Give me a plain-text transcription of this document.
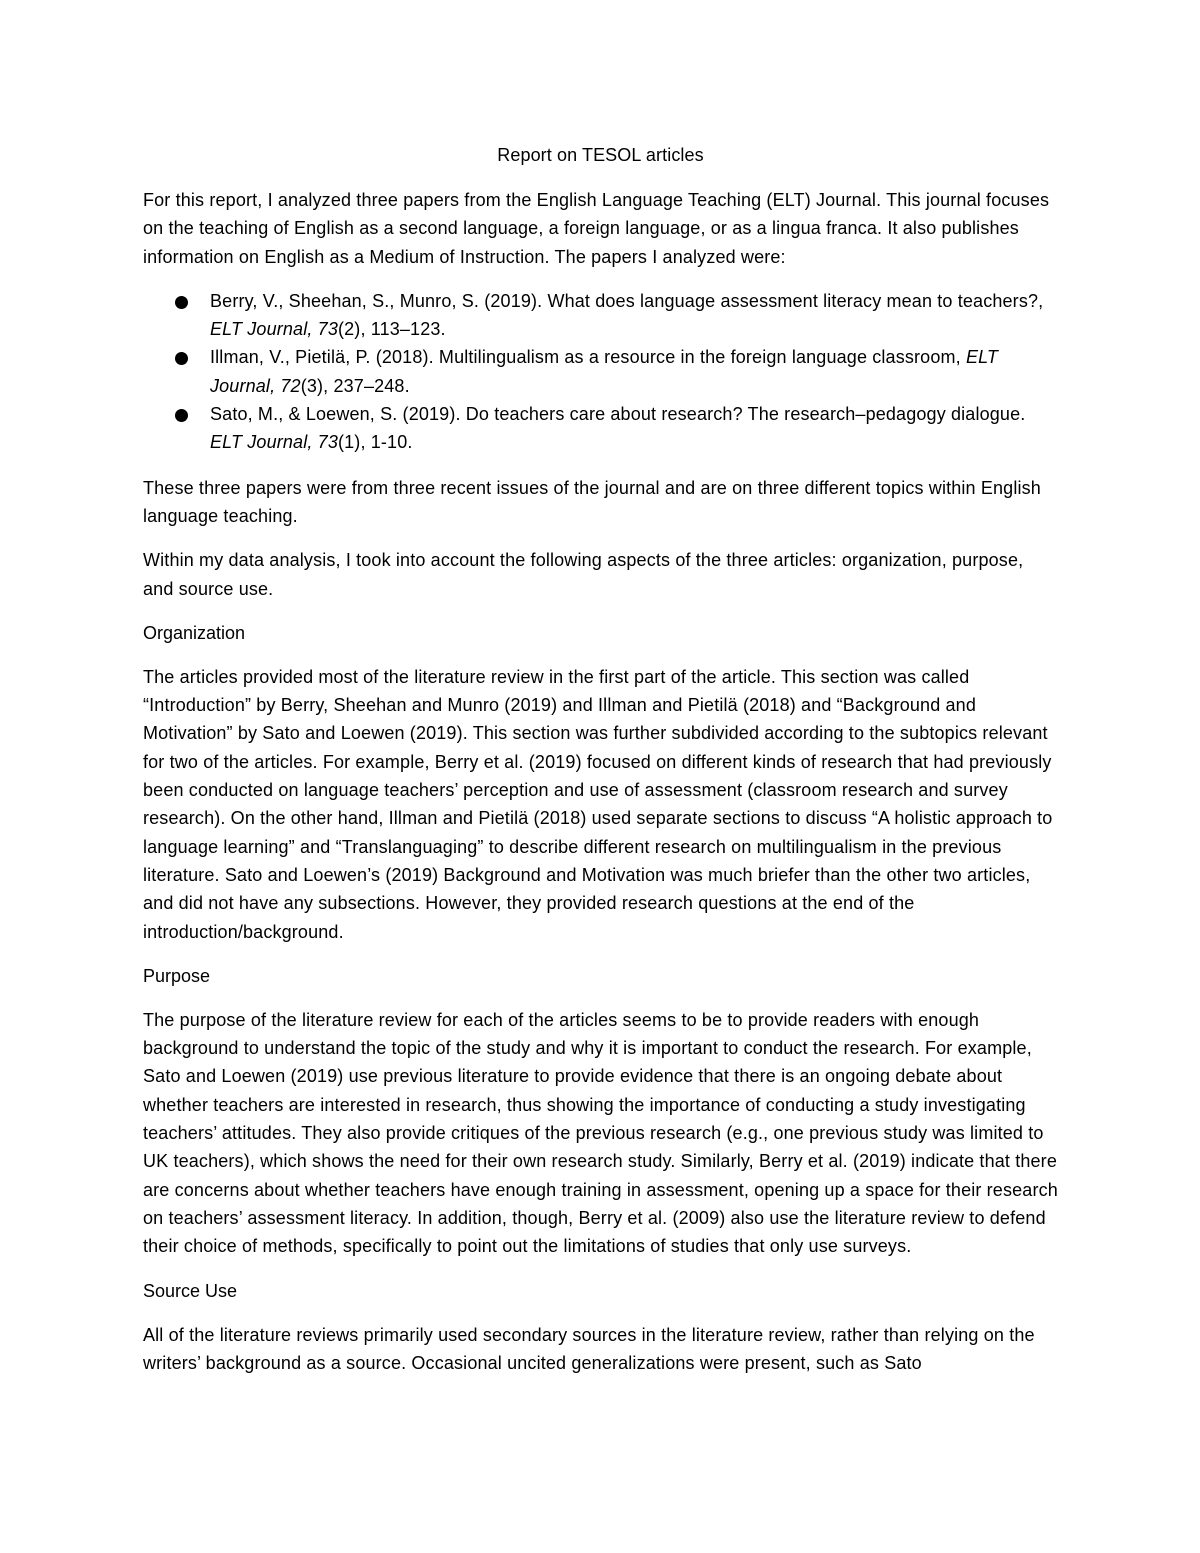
Report on TESOL articles

For this report, I analyzed three papers from the English Language Teaching (ELT) Journal. This journal focuses on the teaching of English as a second language, a foreign language, or as a lingua franca. It also publishes information on English as a Medium of Instruction. The papers I analyzed were:

Berry, V., Sheehan, S., Munro, S. (2019). What does language assessment literacy mean to teachers?, ELT Journal, 73(2), 113–123.
Illman, V., Pietilä, P. (2018). Multilingualism as a resource in the foreign language classroom, ELT Journal, 72(3), 237–248.
Sato, M., & Loewen, S. (2019). Do teachers care about research? The research–pedagogy dialogue. ELT Journal, 73(1), 1-10.

These three papers were from three recent issues of the journal and are on three different topics within English language teaching.

Within my data analysis, I took into account the following aspects of the three articles: organization, purpose, and source use.

Organization

The articles provided most of the literature review in the first part of the article. This section was called “Introduction” by Berry, Sheehan and Munro (2019) and Illman and Pietilä (2018) and “Background and Motivation” by Sato and Loewen (2019). This section was further subdivided according to the subtopics relevant for two of the articles. For example, Berry et al. (2019) focused on different kinds of research that had previously been conducted on language teachers’ perception and use of assessment (classroom research and survey research). On the other hand, Illman and Pietilä (2018) used separate sections to discuss “A holistic approach to language learning” and “Translanguaging” to describe different research on multilingualism in the previous literature. Sato and Loewen’s (2019) Background and Motivation was much briefer than the other two articles, and did not have any subsections. However, they provided research questions at the end of the introduction/background.

Purpose

The purpose of the literature review for each of the articles seems to be to provide readers with enough background to understand the topic of the study and why it is important to conduct the research. For example, Sato and Loewen (2019) use previous literature to provide evidence that there is an ongoing debate about whether teachers are interested in research, thus showing the importance of conducting a study investigating teachers’ attitudes. They also provide critiques of the previous research (e.g., one previous study was limited to UK teachers), which shows the need for their own research study. Similarly, Berry et al. (2019) indicate that there are concerns about whether teachers have enough training in assessment, opening up a space for their research on teachers’ assessment literacy. In addition, though, Berry et al. (2009) also use the literature review to defend their choice of methods, specifically to point out the limitations of studies that only use surveys.

Source Use

All of the literature reviews primarily used secondary sources in the literature review, rather than relying on the writers’ background as a source. Occasional uncited generalizations were present, such as Sato
